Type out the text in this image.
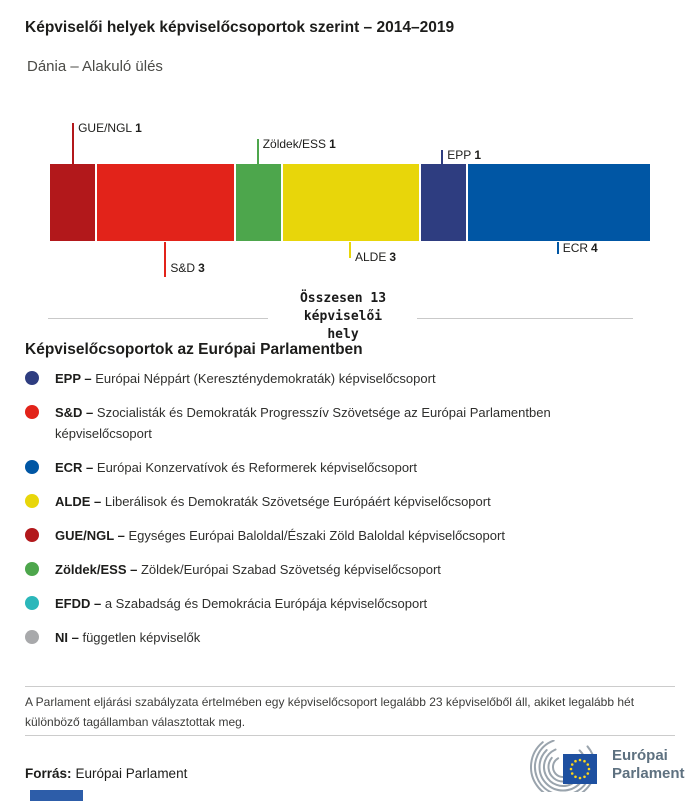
Képviselői helyek képviselőcsoportok szerint – 2014–2019
Dánia – Alakuló ülés
GUE/NGL 1
S&D 3
Zöldek/ESS 1
ALDE 3
EPP 1
ECR 4
Összesen 13 képviselői hely
Képviselőcsoportok az Európai Parlamentben
EPP – Európai Néppárt (Kereszténydemokraták) képviselőcsoport
S&D – Szocialisták és Demokraták Progresszív Szövetsége az Európai Parlamentben képviselőcsoport
ECR – Európai Konzervatívok és Reformerek képviselőcsoport
ALDE – Liberálisok és Demokraták Szövetsége Európáért képviselőcsoport
GUE/NGL – Egységes Európai Baloldal/Északi Zöld Baloldal képviselőcsoport
Zöldek/ESS – Zöldek/Európai Szabad Szövetség képviselőcsoport
EFDD – a Szabadság és Demokrácia Európája képviselőcsoport
NI – független képviselők
A Parlament eljárási szabályzata értelmében egy képviselőcsoport legalább 23 képviselőből áll, akiket legalább hét különböző tagállamban választottak meg.
Forrás: Európai Parlament
Európai
Parlament
